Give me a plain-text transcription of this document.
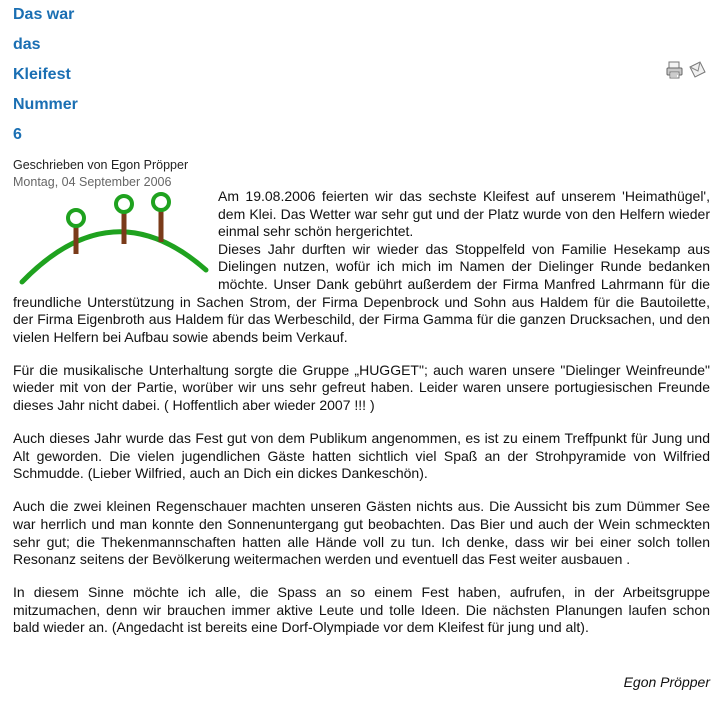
Das war
das
Kleifest
Nummer
6
Geschrieben von Egon Pröpper
Montag, 04 September 2006

Am 19.08.2006 feierten wir das sechste Kleifest auf unserem 'Heimathügel', dem Klei. Das Wetter war sehr gut und der Platz wurde von den Helfern wieder einmal sehr schön hergerichtet.
Dieses Jahr durften wir wieder das Stoppelfeld von Familie Hesekamp aus Dielingen nutzen, wofür ich mich im Namen der Dielinger Runde bedanken möchte. Unser Dank gebührt außerdem der Firma Manfred Lahrmann für die freundliche Unterstützung in Sachen Strom, der Firma Depenbrock und Sohn aus Haldem für die Bautoilette, der Firma Eigenbroth aus Haldem für das Werbeschild, der Firma Gamma für die ganzen Drucksachen, und den vielen Helfern bei Aufbau sowie abends beim Verkauf.

Für die musikalische Unterhaltung sorgte die Gruppe „HUGGET"; auch waren unsere "Dielinger Weinfreunde" wieder mit von der Partie, worüber wir uns sehr gefreut haben. Leider waren unsere portugiesischen Freunde dieses Jahr nicht dabei. ( Hoffentlich aber wieder 2007 !!! )

Auch dieses Jahr wurde das Fest gut von dem Publikum angenommen, es ist zu einem Treffpunkt für Jung und Alt geworden. Die vielen jugendlichen Gäste hatten sichtlich viel Spaß an der Strohpyramide von Wilfried Schmudde. (Lieber Wilfried, auch an Dich ein dickes Dankeschön).

Auch die zwei kleinen Regenschauer machten unseren Gästen nichts aus. Die Aussicht bis zum Dümmer See war herrlich und man konnte den Sonnenuntergang gut beobachten. Das Bier und auch der Wein schmeckten sehr gut; die Thekenmannschaften hatten alle Hände voll zu tun. Ich denke, dass wir bei einer solch tollen Resonanz seitens der Bevölkerung weitermachen werden und eventuell das Fest weiter ausbauen .

In diesem Sinne möchte ich alle, die Spass an so einem Fest haben, aufrufen, in der Arbeitsgruppe mitzumachen, denn wir brauchen immer aktive Leute und tolle Ideen. Die nächsten Planungen laufen schon bald wieder an. (Angedacht ist bereits eine Dorf-Olympiade vor dem Kleifest für jung und alt).

Egon Pröpper
